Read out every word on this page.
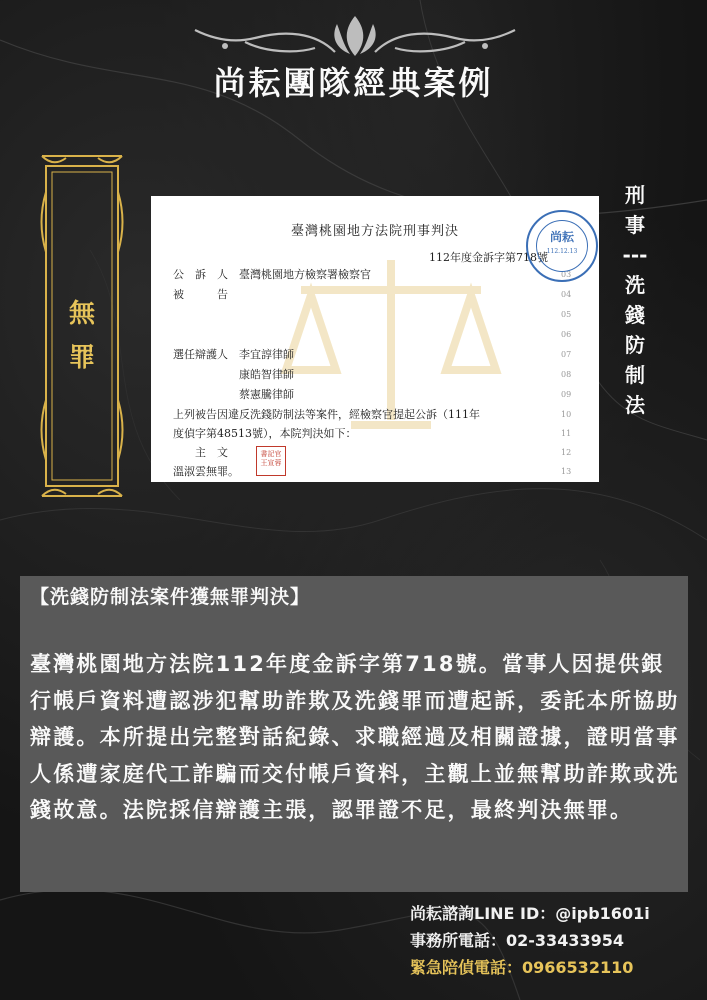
尚耘團隊經典案例
無
罪
臺灣桃園地方法院刑事判決
112年度金訴字第718號
公　訴　人　臺灣桃園地方檢察署檢察官
被　　　告
選任辯護人　李宜諄律師
　　　　　　康皓智律師
　　　　　　蔡憲騰律師
上列被告因違反洗錢防制法等案件，經檢察官提起公訴（111年
度偵字第48513號），本院判決如下：
　　主　文
溫淑雲無罪。
03
04
05
06
07
08
09
10
11
12
13
尚耘
112.12.13
書記官 王宣蓉
刑
事
---
洗
錢
防
制
法
【洗錢防制法案件獲無罪判決】
臺灣桃園地方法院112年度金訴字第718號。當事人因提供銀行帳戶資料遭認涉犯幫助詐欺及洗錢罪而遭起訴，委託本所協助辯護。本所提出完整對話紀錄、求職經過及相關證據，證明當事人係遭家庭代工詐騙而交付帳戶資料，主觀上並無幫助詐欺或洗錢故意。法院採信辯護主張，認罪證不足，最終判決無罪。
尚耘諮詢LINE ID：@ipb1601i
事務所電話：02-33433954
緊急陪偵電話：0966532110
